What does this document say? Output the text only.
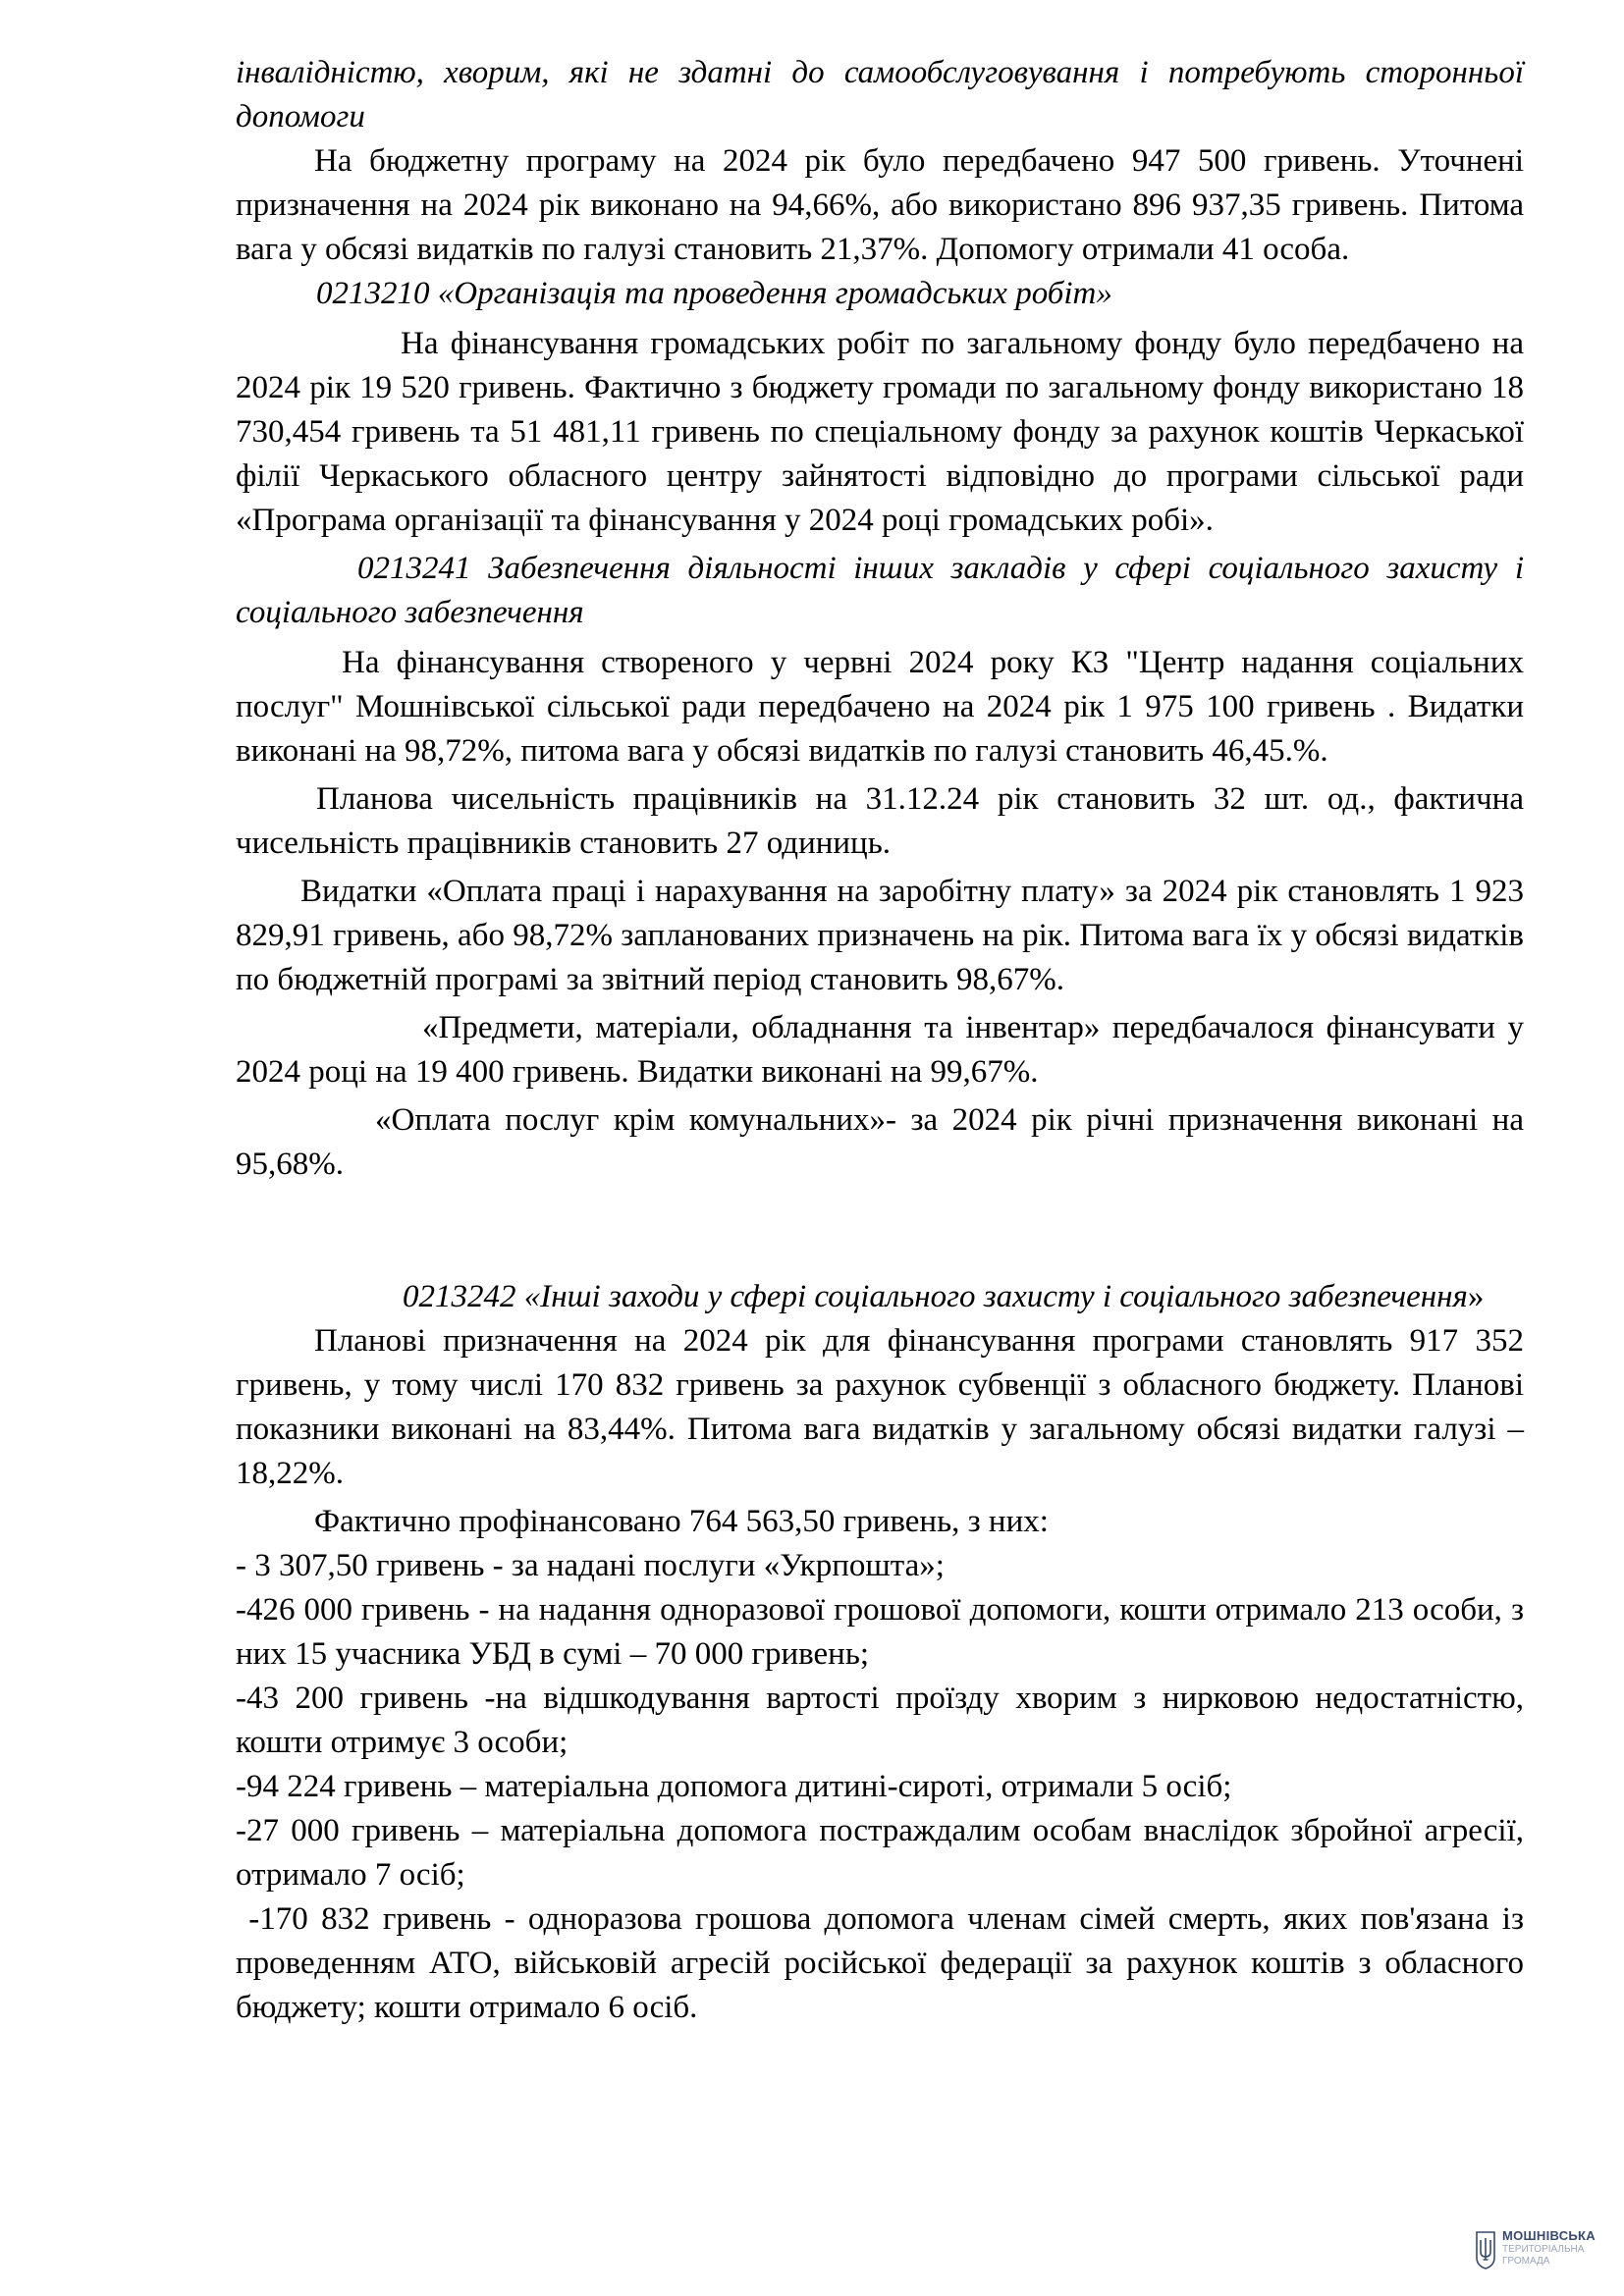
інвалідністю, хворим, які не здатні до самообслуговування і потребують сторонньої допомоги

На бюджетну програму на 2024 рік було передбачено 947 500 гривень. Уточнені призначення на 2024 рік виконано на 94,66%, або використано 896 937,35 гривень. Питома вага у обсязі видатків по галузі становить 21,37%. Допомогу отримали 41 особа.

0213210 «Організація та проведення громадських робіт»

На фінансування громадських робіт по загальному фонду було передбачено на 2024 рік 19 520 гривень. Фактично з бюджету громади по загальному фонду використано 18 730,454 гривень та 51 481,11 гривень по спеціальному фонду за рахунок коштів Черкаської філії Черкаського обласного центру зайнятості відповідно до програми сільської ради «Програма організації та фінансування у 2024 році громадських робі».

0213241 Забезпечення діяльності інших закладів у сфері соціального захисту і соціального забезпечення

На фінансування створеного у червні 2024 року КЗ "Центр надання соціальних послуг" Мошнівської сільської ради передбачено на 2024 рік 1 975 100 гривень . Видатки виконані на 98,72%, питома вага у обсязі видатків по галузі становить 46,45.%.

Планова чисельність працівників на 31.12.24 рік становить 32 шт. од., фактична чисельність працівників становить 27 одиниць.

Видатки «Оплата праці і нарахування на заробітну плату» за 2024 рік становлять 1 923 829,91 гривень, або 98,72% запланованих призначень на рік. Питома вага їх у обсязі видатків по бюджетній програмі за звітний період становить 98,67%.

«Предмети, матеріали, обладнання та інвентар» передбачалося фінансувати у 2024 році на 19 400 гривень. Видатки виконані на 99,67%.

«Оплата послуг крім комунальних»- за 2024 рік річні призначення виконані на 95,68%.

0213242 «Інші заходи у сфері соціального захисту і соціального забезпечення»

Планові призначення на 2024 рік для фінансування програми становлять 917 352 гривень, у тому числі 170 832 гривень за рахунок субвенції з обласного бюджету. Планові показники виконані на 83,44%. Питома вага видатків у загальному обсязі видатки галузі – 18,22%.

Фактично профінансовано 764 563,50 гривень, з них:

- 3 307,50 гривень - за надані послуги «Укрпошта»;

-426 000 гривень - на надання одноразової грошової допомоги, кошти отримало 213 особи, з них 15 учасника УБД в сумі – 70 000 гривень;

-43 200 гривень -на відшкодування вартості проїзду хворим з нирковою недостатністю, кошти отримує 3 особи;

-94 224 гривень – матеріальна допомога дитині-сироті, отримали 5 осіб;

-27 000 гривень – матеріальна допомога постраждалим особам внаслідок збройної агресії, отримало 7 осіб;

-170 832 гривень - одноразова грошова допомога членам сімей смерть, яких пов'язана із проведенням АТО, військовій агресій російської федерації за рахунок коштів з обласного бюджету; кошти отримало 6 осіб.

МОШНІВСЬКА
ТЕРИТОРІАЛЬНА
ГРОМАДА
